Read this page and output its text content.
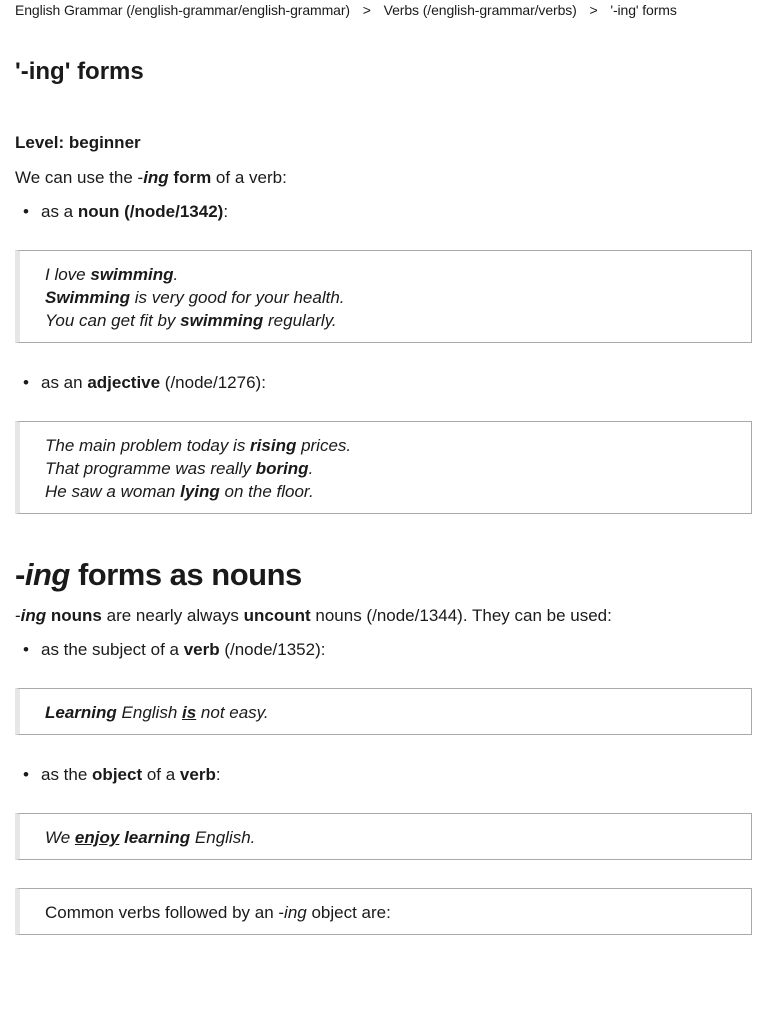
English Grammar (/english-grammar/english-grammar) > Verbs (/english-grammar/verbs) > '-ing' forms
'-ing' forms
Level: beginner
We can use the -ing form of a verb:
• as a noun (/node/1342):
I love swimming.
Swimming is very good for your health.
You can get fit by swimming regularly.
• as an adjective (/node/1276):
The main problem today is rising prices.
That programme was really boring.
He saw a woman lying on the floor.
-ing forms as nouns
-ing nouns are nearly always uncount nouns (/node/1344). They can be used:
• as the subject of a verb (/node/1352):
Learning English is not easy.
• as the object of a verb:
We enjoy learning English.
Common verbs followed by an -ing object are:
